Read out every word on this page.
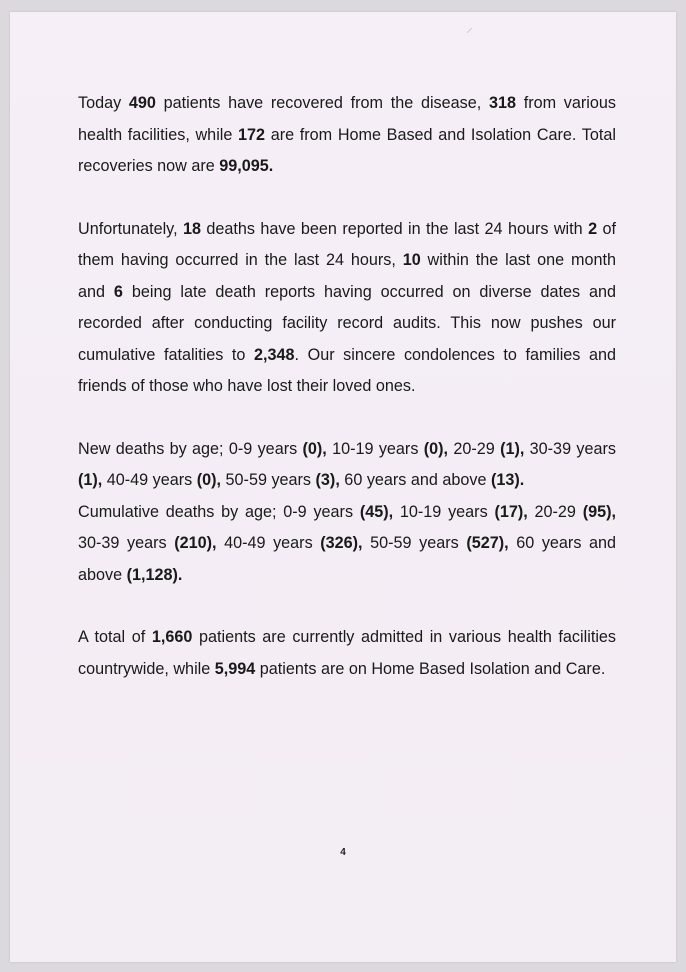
⸝

Today 490 patients have recovered from the disease, 318 from various health facilities, while 172 are from Home Based and Isolation Care. Total recoveries now are 99,095.

Unfortunately, 18 deaths have been reported in the last 24 hours with 2 of them having occurred in the last 24 hours, 10 within the last one month and 6 being late death reports having occurred on diverse dates and recorded after conducting facility record audits. This now pushes our cumulative fatalities to 2,348. Our sincere condolences to families and friends of those who have lost their loved ones.

New deaths by age; 0-9 years (0), 10-19 years (0), 20-29 (1), 30-39 years (1), 40-49 years (0), 50-59 years (3), 60 years and above (13).

Cumulative deaths by age; 0-9 years (45), 10-19 years (17), 20-29 (95), 30-39 years (210), 40-49 years (326), 50-59 years (527), 60 years and above (1,128).

A total of 1,660 patients are currently admitted in various health facilities countrywide, while 5,994 patients are on Home Based Isolation and Care.

4
